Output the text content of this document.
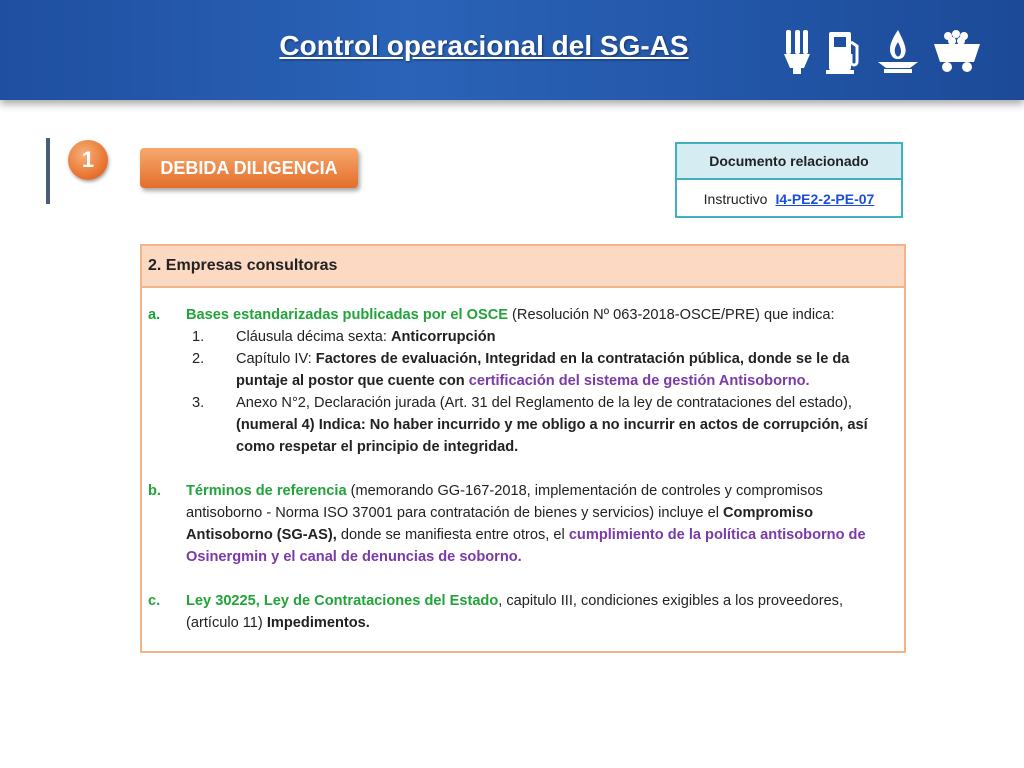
Control operacional del SG-AS
1	DEBIDA DILIGENCIA	Documento relacionado
Instructivo I4-PE2-2-PE-07
2. Empresas consultoras
a.	Bases estandarizadas publicadas por el OSCE (Resolución Nº 063-2018-OSCE/PRE) que indica:
1.	Cláusula décima sexta: Anticorrupción
2.	Capítulo IV: Factores de evaluación, Integridad en la contratación pública, donde se le da puntaje al postor que cuente con certificación del sistema de gestión Antisoborno.
3.	Anexo N°2, Declaración jurada (Art. 31 del Reglamento de la ley de contrataciones del estado), (numeral 4) Indica: No haber incurrido y me obligo a no incurrir en actos de corrupción, así como respetar el principio de integridad.
b.	Términos de referencia (memorando GG-167-2018, implementación de controles y compromisos antisoborno - Norma ISO 37001 para contratación de bienes y servicios) incluye el Compromiso Antisoborno (SG-AS), donde se manifiesta entre otros, el cumplimiento de la política antisoborno de Osinergmin y el canal de denuncias de soborno.
c.	Ley 30225, Ley de Contrataciones del Estado, capitulo III, condiciones exigibles a los proveedores, (artículo 11) Impedimentos.
